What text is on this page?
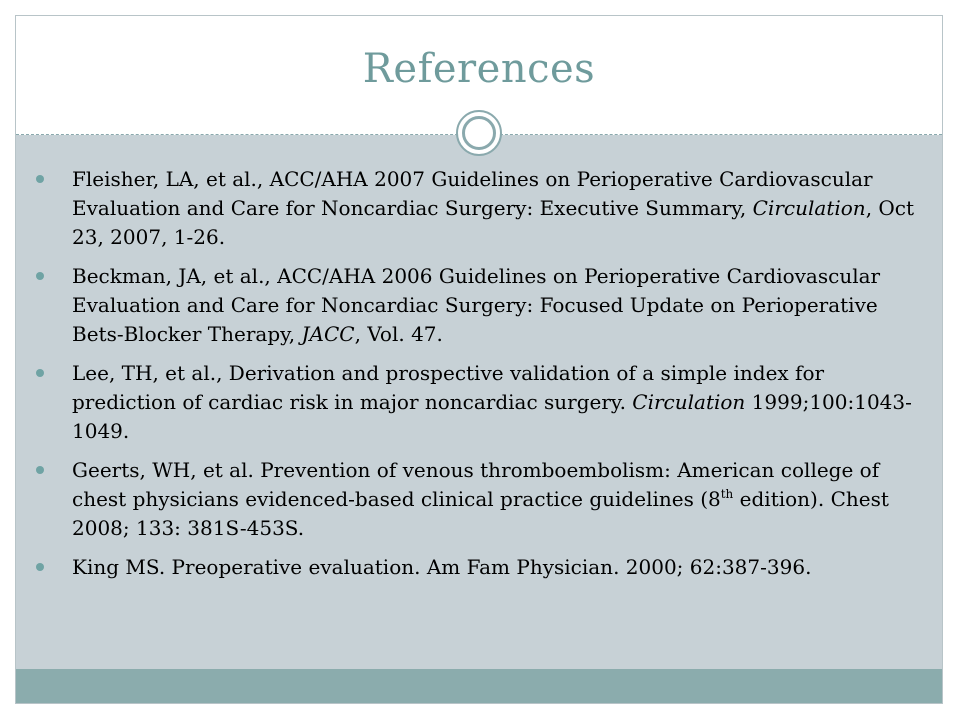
References
Fleisher, LA, et al., ACC/AHA 2007 Guidelines on Perioperative Cardiovascular Evaluation and Care for Noncardiac Surgery: Executive Summary, Circulation, Oct 23, 2007, 1-26.
Beckman, JA, et al., ACC/AHA 2006 Guidelines on Perioperative Cardiovascular Evaluation and Care for Noncardiac Surgery: Focused Update on Perioperative Bets-Blocker Therapy, JACC, Vol. 47.
Lee, TH, et al., Derivation and prospective validation of a simple index for prediction of cardiac risk in major noncardiac surgery. Circulation 1999;100:1043-1049.
Geerts, WH, et al. Prevention of venous thromboembolism: American college of chest physicians evidenced-based clinical practice guidelines (8th edition). Chest 2008; 133: 381S-453S.
King MS. Preoperative evaluation. Am Fam Physician. 2000; 62:387-396.
